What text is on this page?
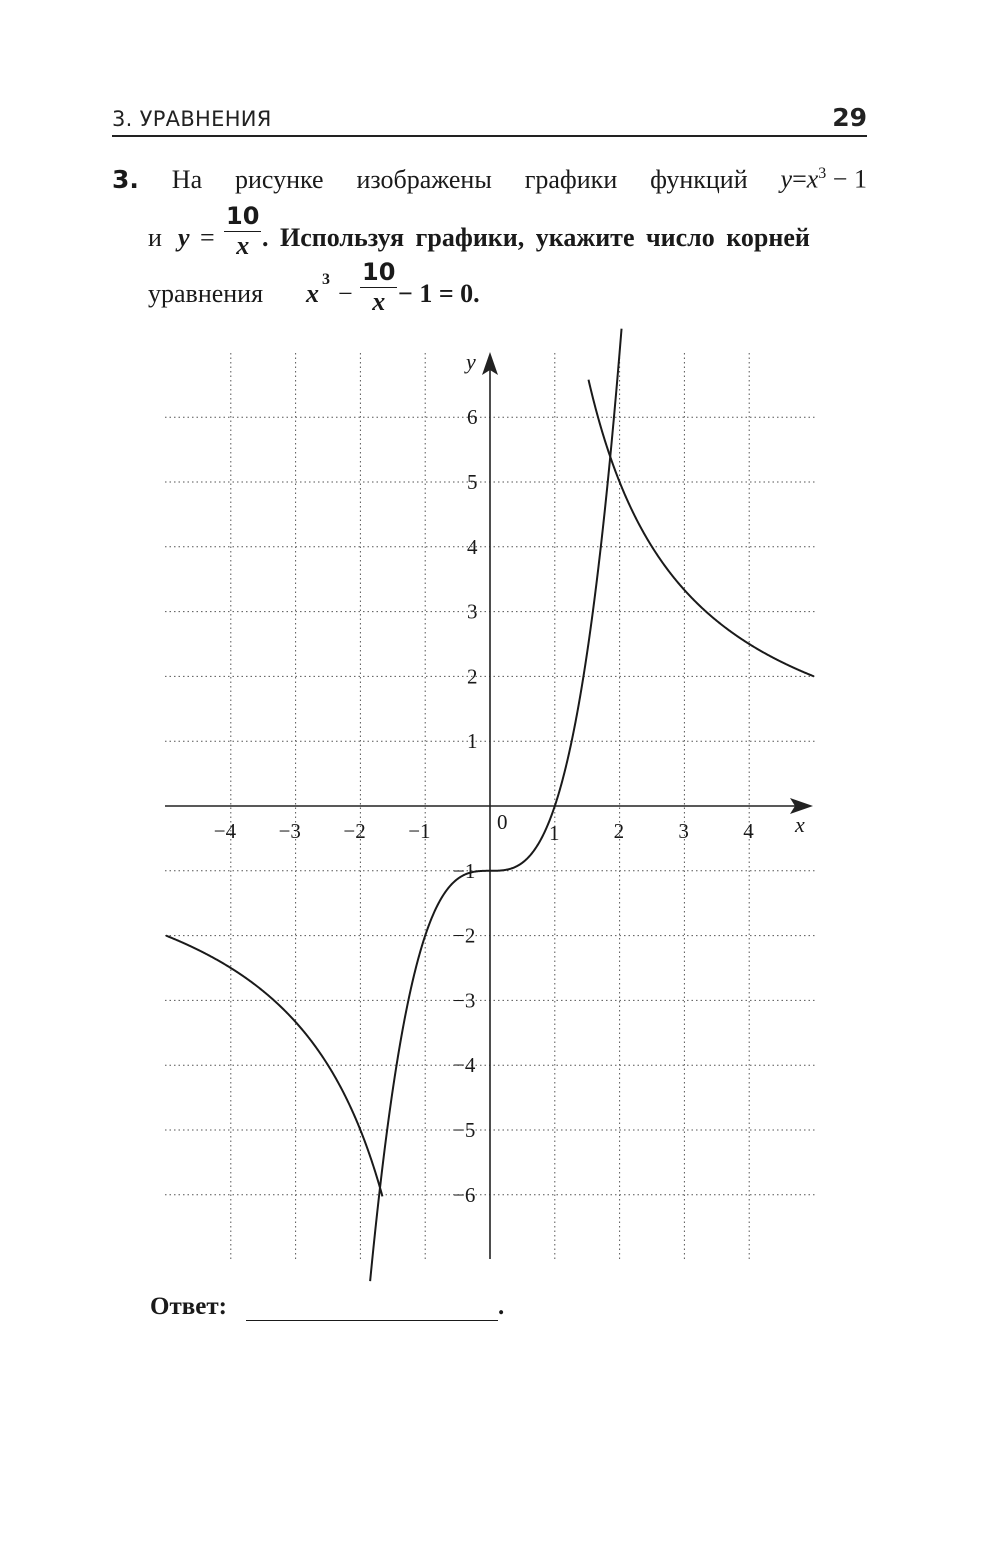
3. УРАВНЕНИЯ	29
3. На рисунке изображены графики функций $y=x^3 - 1$
и y =
10
x . Используя графики, укажите число корней
уравнения x 3 −
10
x − 1 = 0.
x
y
0 1
−4 −3 −2 −1	2	3	4
6
5
4
3
2
1
−1
−2
−3
−4
−5
−6
Ответ:	.
